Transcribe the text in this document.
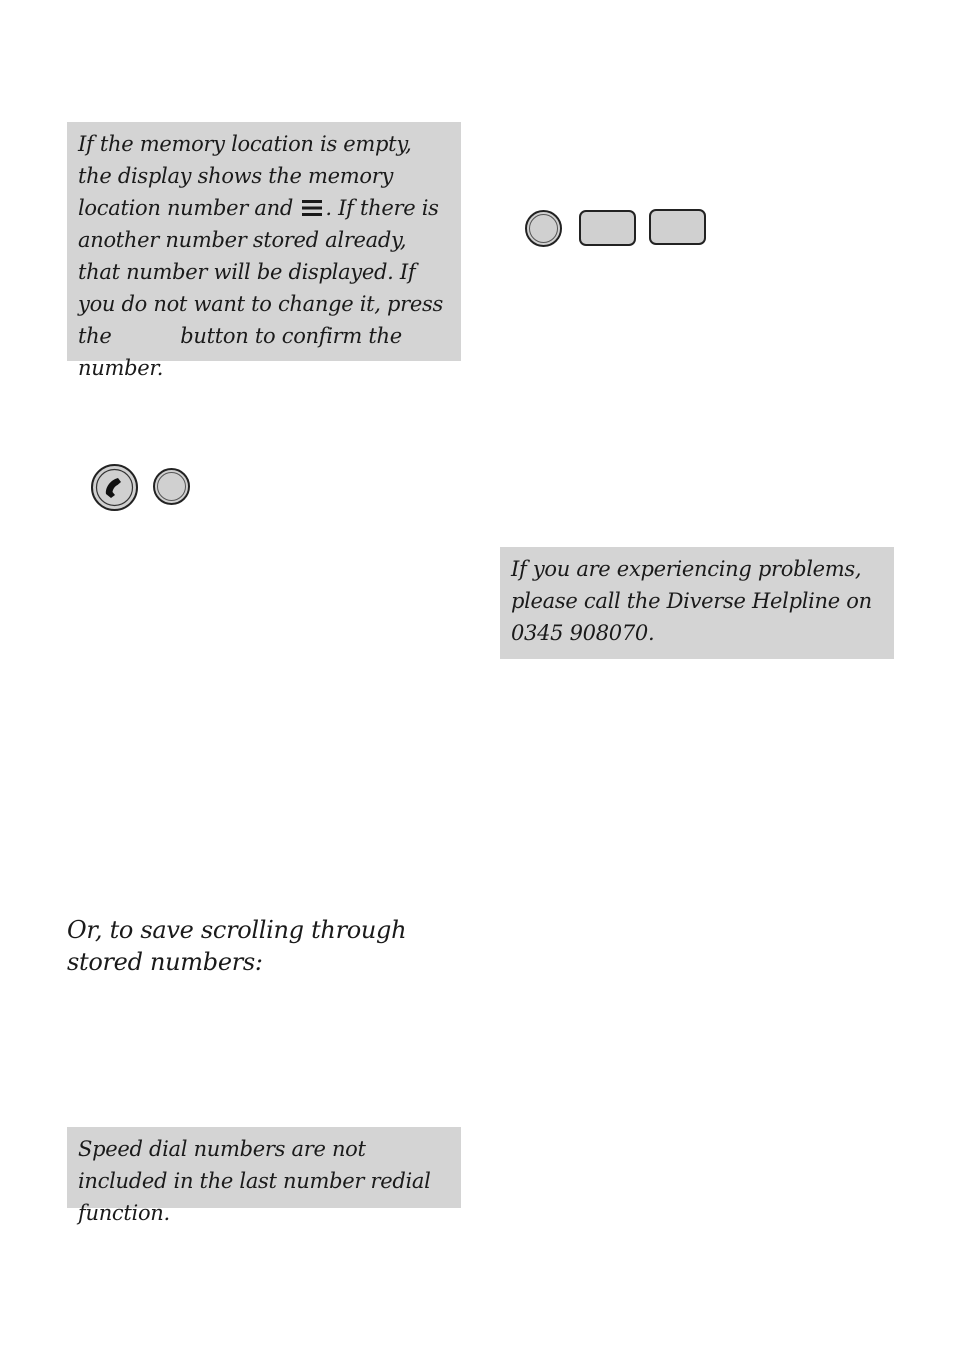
If the memory location is empty, the display shows the memory location number and . If there is another number stored already, that number will be displayed. If you do not want to change it, press the	button to confirm the number.
If you are experiencing problems, please call the Diverse Helpline on 0345 908070.
Or, to save scrolling through stored numbers:
Speed dial numbers are not included in the last number redial function.
